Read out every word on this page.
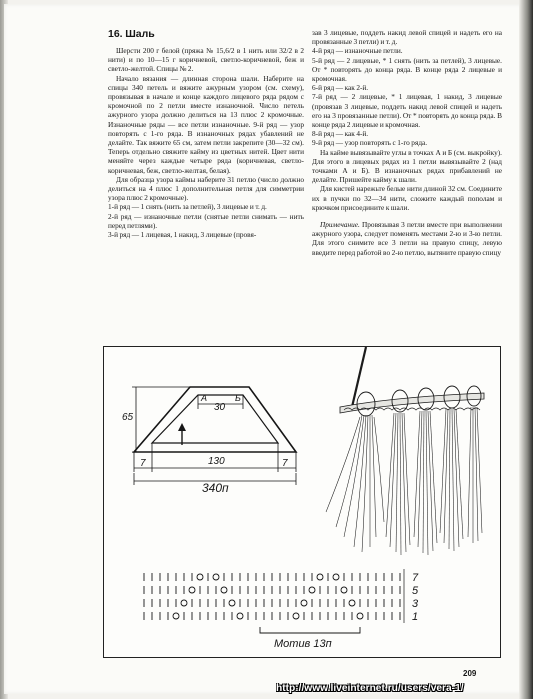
16. Шаль

Шерсти 200 г белой (пряжа № 15,6/2 в 1 нить или 32/2 в 2 нити) и по 10—15 г коричневой, светло-коричневой, беж и светло-желтой. Спицы № 2.

Начало вязания — длинная сторона шали. Наберите на спицы 340 петель и вяжите ажурным узором (см. схему), провязывая в начале и конце каждого лицевого ряда рядом с кромочной по 2 петли вместе изнаночной. Число петель ажурного узора должно делиться на 13 плюс 2 кромочные. Изнаночные ряды — все петли изнаночные. 9-й ряд — узор повторять с 1-го ряда. В изнаночных рядах убавлений не делайте. Так вяжите 65 см, затем петли закрепите (30—32 см). Теперь отдельно свяжите кайму из цветных нитей. Цвет нити меняйте через каждые четыре ряда (коричневая, светло-коричневая, беж, светло-желтая, белая).

Для образца узора каймы наберите 31 петлю (число должно делиться на 4 плюс 1 дополнительная петля для симметрии узора плюс 2 кромочные).

1-й ряд — 1 снять (нить за петлей), 3 лицевые и т. д.

2-й ряд — изнаночные петли (снятые петли снимать — нить перед петлями).

3-й ряд — 1 лицевая, 1 накид, 3 лицевые (провя-

зав 3 лицевые, поддеть накид левой спицей и надеть его на провязанные 3 петли) и т. д.

4-й ряд — изнаночные петли.

5-й ряд — 2 лицевые, * 1 снять (нить за петлей), 3 лицевые. От * повторять до конца ряда. В конце ряда 2 лицевые и кромочная.

6-й ряд — как 2-й.

7-й ряд — 2 лицевые, * 1 лицевая, 1 накид, 3 лицевые (провязав 3 лицевые, поддеть накид левой спицей и надеть его на 3 провязанные петли). От * повторять до конца ряда. В конце ряда 2 лицевые и кромочная.

8-й ряд — как 4-й.

9-й ряд — узор повторять с 1-го ряда.

На кайме вывязывайте углы в точках А и Б (см. выкройку). Для этого в лицевых рядах из 1 петли вывязывайте 2 (над точками А и Б). В изнаночных рядах прибавлений не делайте. Пришейте кайму к шали.

Для кистей нарежьте белые нити длиной 32 см. Соедините их в пучки по 32—34 нити, сложите каждый пополам и крючком присоедините к шали.

Примечание. Провязывая 3 петли вместе при выполнении ажурного узора, следует поменять местами 2-ю и 3-ю петли. Для этого снимите все 3 петли на правую спицу, левую введите перед работой во 2-ю петлю, вытяните правую спицу

65
30
А	Б
7	7
130
340п
7
5
3
1
Мотив 13п
209
http://www.liveinternet.ru/users/vera-1/
